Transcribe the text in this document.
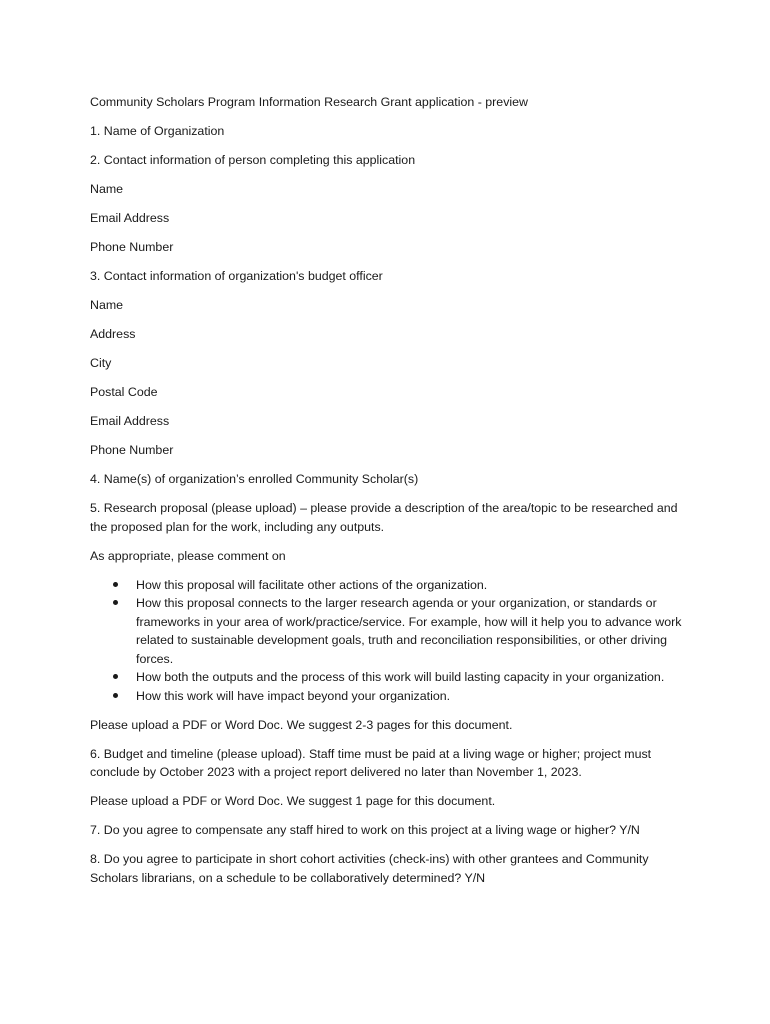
Community Scholars Program Information Research Grant application - preview

1. Name of Organization

2. Contact information of person completing this application

Name

Email Address

Phone Number

3. Contact information of organization's budget officer

Name

Address

City

Postal Code

Email Address

Phone Number

4. Name(s) of organization’s enrolled Community Scholar(s)

5. Research proposal (please upload) – please provide a description of the area/topic to be researched and the proposed plan for the work, including any outputs.

As appropriate, please comment on

How this proposal will facilitate other actions of the organization.
How this proposal connects to the larger research agenda or your organization, or standards or frameworks in your area of work/practice/service. For example, how will it help you to advance work related to sustainable development goals, truth and reconciliation responsibilities, or other driving forces.
How both the outputs and the process of this work will build lasting capacity in your organization.
How this work will have impact beyond your organization.

Please upload a PDF or Word Doc. We suggest 2-3 pages for this document.

6. Budget and timeline (please upload). Staff time must be paid at a living wage or higher; project must conclude by October 2023 with a project report delivered no later than November 1, 2023.

Please upload a PDF or Word Doc. We suggest 1 page for this document.

7. Do you agree to compensate any staff hired to work on this project at a living wage or higher? Y/N

8. Do you agree to participate in short cohort activities (check-ins) with other grantees and Community Scholars librarians, on a schedule to be collaboratively determined? Y/N
